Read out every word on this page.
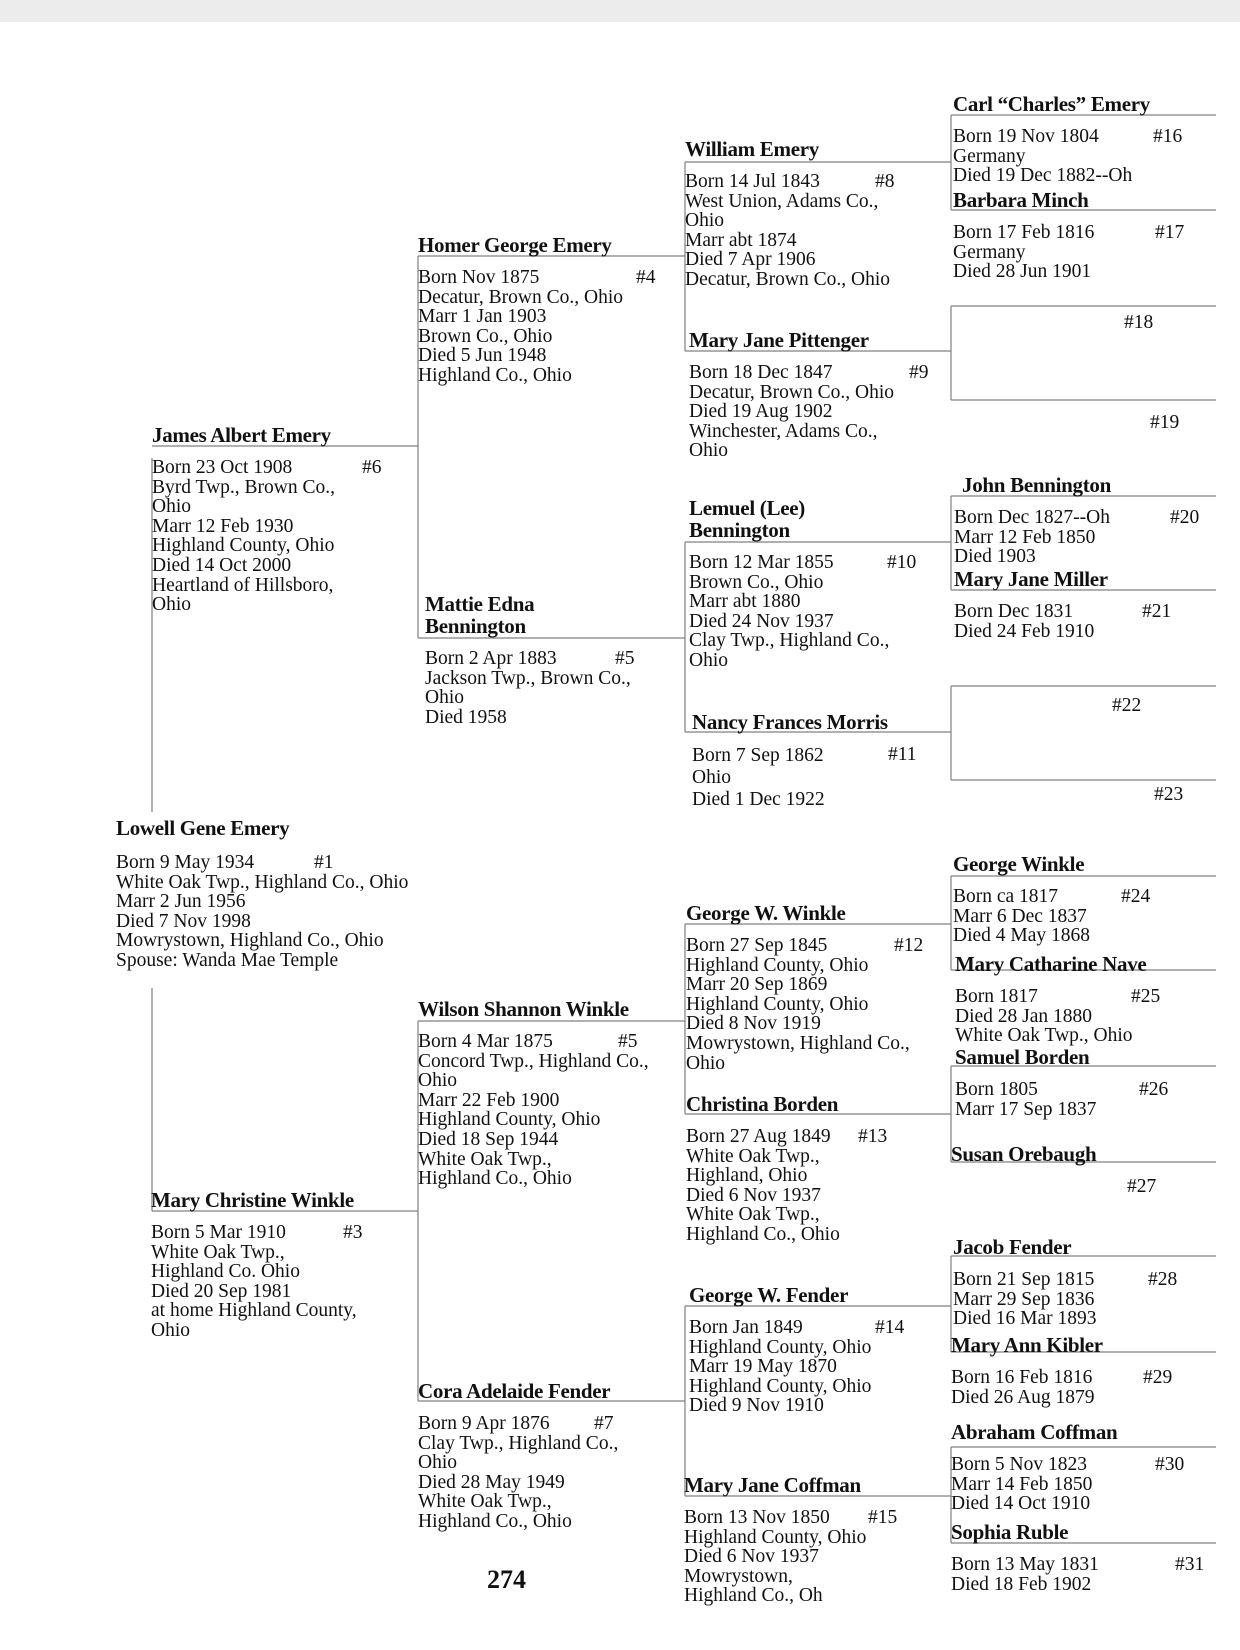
Lowell Gene Emery
Born 9 May 1934
White Oak Twp., Highland Co., Ohio
Marr 2 Jun 1956
Died 7 Nov 1998
Mowrystown, Highland Co., Ohio
Spouse: Wanda Mae Temple
#1
James Albert Emery
Born 23 Oct 1908
Byrd Twp., Brown Co.,
Ohio
Marr 12 Feb 1930
Highland County, Ohio
Died 14 Oct 2000
Heartland of Hillsboro,
Ohio
#6
Mary Christine Winkle
Born 5 Mar 1910
White Oak Twp.,
Highland Co. Ohio
Died 20 Sep 1981
at home Highland County,
Ohio
#3
Homer George Emery
Born Nov 1875
Decatur, Brown Co., Ohio
Marr 1 Jan 1903
Brown Co., Ohio
Died 5 Jun 1948
Highland Co., Ohio
#4
Mattie Edna
Bennington
Born 2 Apr 1883
Jackson Twp., Brown Co.,
Ohio
Died 1958
#5
Wilson Shannon Winkle
Born 4 Mar 1875
Concord Twp., Highland Co.,
Ohio
Marr 22 Feb 1900
Highland County, Ohio
Died 18 Sep 1944
White Oak Twp.,
Highland Co., Ohio
#5
Cora Adelaide Fender
Born 9 Apr 1876
Clay Twp., Highland Co.,
Ohio
Died 28 May 1949
White Oak Twp.,
Highland Co., Ohio
#7
William Emery
Born 14 Jul 1843
West Union, Adams Co.,
Ohio
Marr abt 1874
Died 7 Apr 1906
Decatur, Brown Co., Ohio
#8
Mary Jane Pittenger
Born 18 Dec 1847
Decatur, Brown Co., Ohio
Died 19 Aug 1902
Winchester, Adams Co.,
Ohio
#9
Lemuel (Lee)
Bennington
Born 12 Mar 1855
Brown Co., Ohio
Marr abt 1880
Died 24 Nov 1937
Clay Twp., Highland Co.,
Ohio
#10
Nancy Frances Morris
Born 7 Sep 1862
Ohio
Died 1 Dec 1922
#11
George W. Winkle
Born 27 Sep 1845
Highland County, Ohio
Marr 20 Sep 1869
Highland County, Ohio
Died 8 Nov 1919
Mowrystown, Highland Co.,
Ohio
#12
Christina Borden
Born 27 Aug 1849
White Oak Twp.,
Highland, Ohio
Died 6 Nov 1937
White Oak Twp.,
Highland Co., Ohio
#13
George W. Fender
Born Jan 1849
Highland County, Ohio
Marr 19 May 1870
Highland County, Ohio
Died 9 Nov 1910
#14
Mary Jane Coffman
Born 13 Nov 1850
Highland County, Ohio
Died 6 Nov 1937
Mowrystown,
Highland Co., Oh
#15
Carl “Charles” Emery
Born 19 Nov 1804
Germany
Died 19 Dec 1882--Oh
#16
Barbara Minch
Born 17 Feb 1816
Germany
Died 28 Jun 1901
#17
#18
#19
John Bennington
Born Dec 1827--Oh
Marr 12 Feb 1850
Died 1903
#20
Mary Jane Miller
Born Dec 1831
Died 24 Feb 1910
#21
#22
#23
George Winkle
Born ca 1817
Marr 6 Dec 1837
Died 4 May 1868
#24
Mary Catharine Nave
Born 1817
Died 28 Jan 1880
White Oak Twp., Ohio
#25
Samuel Borden
Born 1805
Marr 17 Sep 1837
#26
Susan Orebaugh
#27
Jacob Fender
Born 21 Sep 1815
Marr 29 Sep 1836
Died 16 Mar 1893
#28
Mary Ann Kibler
Born 16 Feb 1816
Died 26 Aug 1879
#29
Abraham Coffman
Born 5 Nov 1823
Marr 14 Feb 1850
Died 14 Oct 1910
#30
Sophia Ruble
Born 13 May 1831
Died 18 Feb 1902
#31
274
